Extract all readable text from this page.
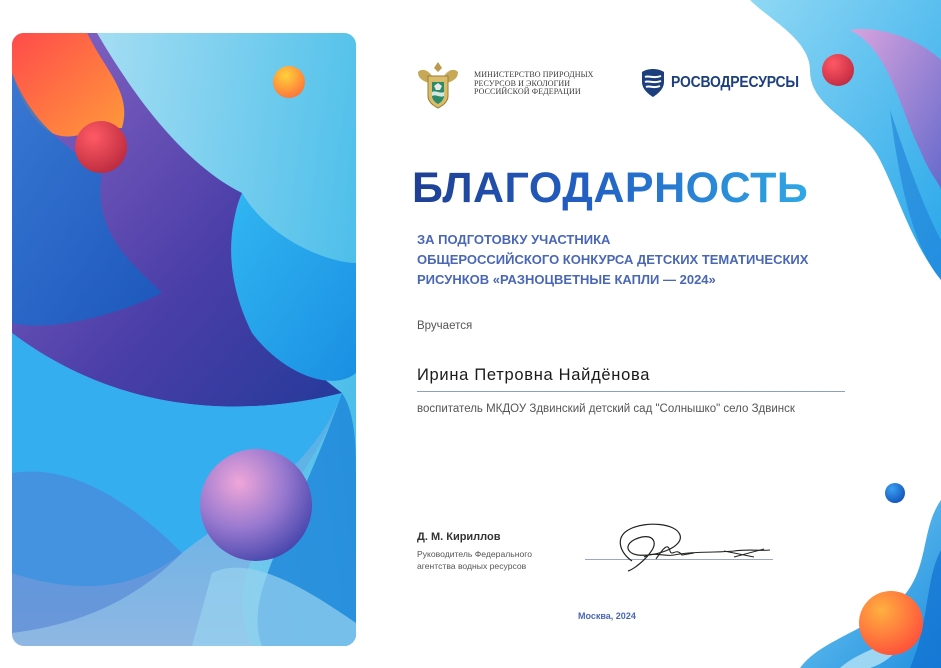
МИНИСТЕРСТВО ПРИРОДНЫХ РЕСУРСОВ И ЭКОЛОГИИ РОССИЙСКОЙ ФЕДЕРАЦИИ
РОСВОДРЕСУРСЫ
БЛАГОДАРНОСТЬ
ЗА ПОДГОТОВКУ УЧАСТНИКА
ОБЩЕРОССИЙСКОГО КОНКУРСА ДЕТСКИХ ТЕМАТИЧЕСКИХ
РИСУНКОВ «РАЗНОЦВЕТНЫЕ КАПЛИ — 2024»
Вручается
Ирина Петровна Найдёнова
воспитатель МКДОУ Здвинский детский сад "Солнышко" село Здвинск
Д. М. Кириллов
Руководитель Федерального агентства водных ресурсов
Москва, 2024
